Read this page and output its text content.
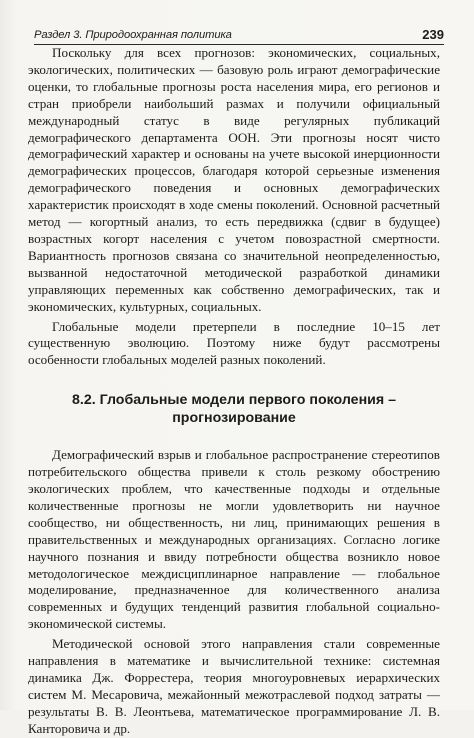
Раздел 3. Природоохранная политика	239

Поскольку для всех прогнозов: экономических, социальных, экологических, политических — базовую роль играют демографические оценки, то глобальные прогнозы роста населения мира, его регионов и стран приобрели наибольший размах и получили официальный международный статус в виде регулярных публикаций демографического департамента ООН. Эти прогнозы носят чисто демографический характер и основаны на учете высокой инерционности демографических процессов, благодаря которой серьезные изменения демографического поведения и основных демографических характеристик происходят в ходе смены поколений. Основной расчетный метод — когортный анализ, то есть передвижка (сдвиг в будущее) возрастных когорт населения с учетом повозрастной смертности. Вариантность прогнозов связана со значительной неопределенностью, вызванной недостаточной методической разработкой динамики управляющих переменных как собственно демографических, так и экономических, культурных, социальных.

Глобальные модели претерпели в последние 10–15 лет существенную эволюцию. Поэтому ниже будут рассмотрены особенности глобальных моделей разных поколений.

8.2. Глобальные модели первого поколения –
прогнозирование

Демографический взрыв и глобальное распространение стереотипов потребительского общества привели к столь резкому обострению экологических проблем, что качественные подходы и отдельные количественные прогнозы не могли удовлетворить ни научное сообщество, ни общественность, ни лиц, принимающих решения в правительственных и международных организациях. Согласно логике научного познания и ввиду потребности общества возникло новое методологическое междисциплинарное направление — глобальное моделирование, предназначенное для количественного анализа современных и будущих тенденций развития глобальной социально-экономической системы.

Методической основой этого направления стали современные направления в математике и вычислительной технике: системная динамика Дж. Форрестера, теория многоуровневых иерархических систем М. Месаровича, межайонный межотраслевой подход затраты — результаты В. В. Леонтьева, математическое программирование Л. В. Канторовича и др.
